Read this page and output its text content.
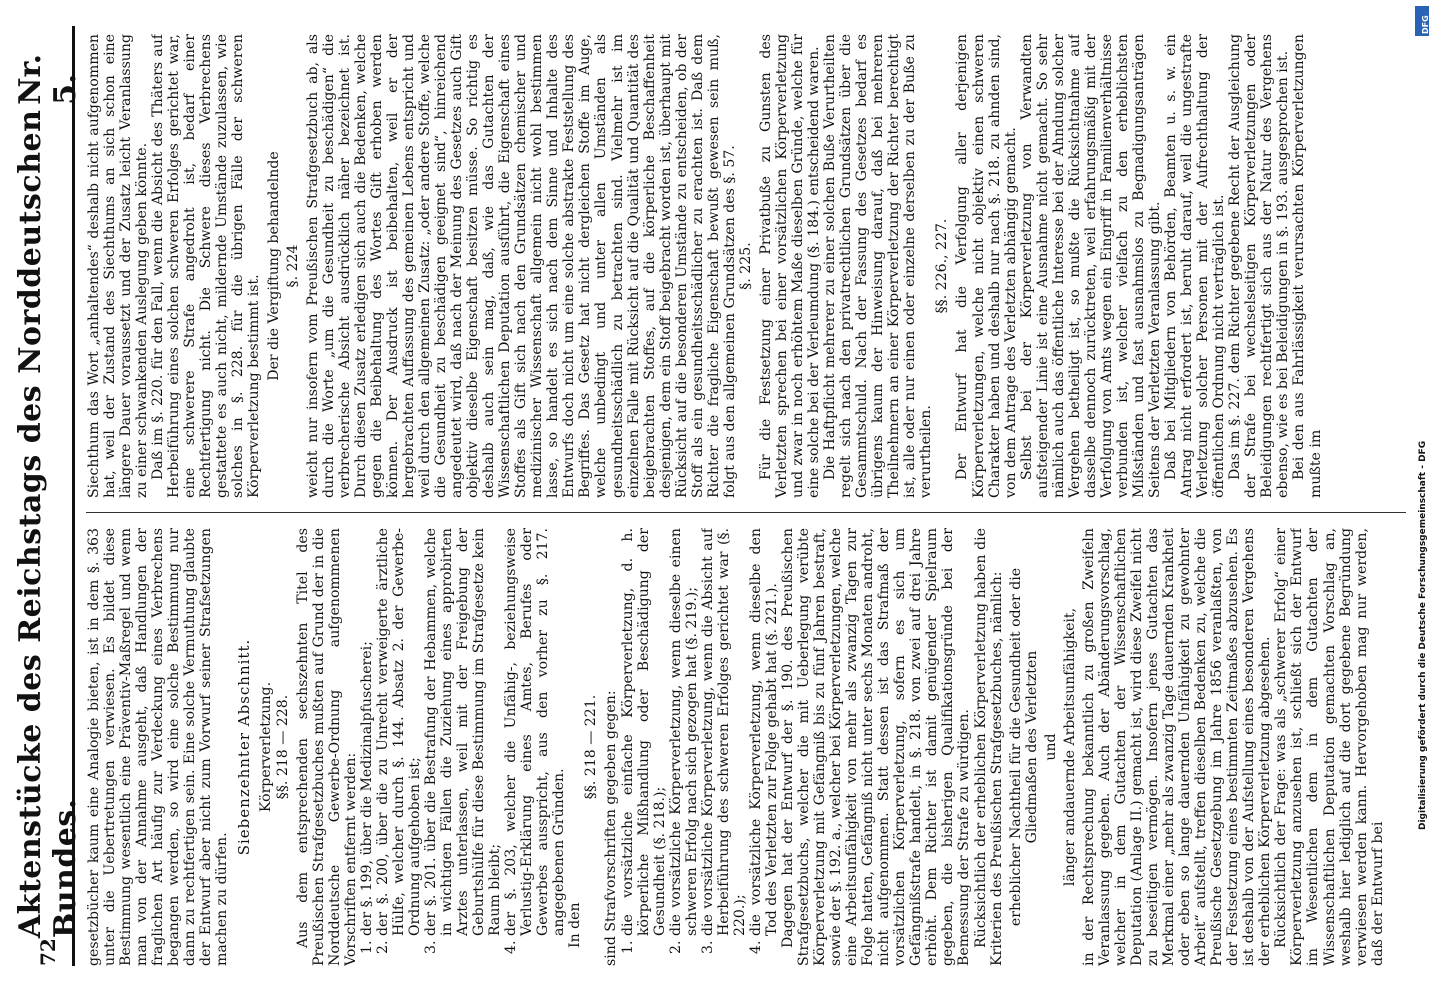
72
Aktenstücke des Reichstags des Norddeutschen Bundes.
Nr. 5.

gesetzbücher kaum eine Analogie bieten, ist in dem §. 363 unter die Uebertretungen verwiesen. Es bildet diese Bestimmung wesentlich eine Präventiv-Maßregel und wenn man von der Annahme ausgeht, daß Handlungen der fraglichen Art häufig zur Verdeckung eines Verbrechens begangen werden, so wird eine solche Bestimmung nur dann zu rechtfertigen sein. Eine solche Vermuthung glaubte der Entwurf aber nicht zum Vorwurf seiner Strafsetzungen machen zu dürfen.

Siebenzehnter Abschnitt. Körperverletzung. §§. 218 — 228. Aus dem entsprechenden sechszehnten Titel des Preußischen Strafgesetzbuches mußten auf Grund der in die Norddeutsche Gewerbe-Ordnung aufgenommenen Vorschriften entfernt werden: 1. der §. 199, über die Medizinalpfuscherei; 2. der §. 200, über die zu Unrecht verweigerte ärztliche Hülfe, welcher durch §. 144. Absatz 2. der Gewerbe-Ordnung aufgehoben ist; 3. der §. 201. über die Bestrafung der Hebammen, welche in wichtigen Fällen die Zuziehung eines approbirten Arztes unterlassen, weil mit der Freigebung der Geburtshülfe für diese Bestimmung im Strafgesetze kein Raum bleibt; 4. der §. 203, welcher die Unfähig-, beziehungsweise Verlustig-Erklärung eines Amtes, Berufes oder Gewerbes ausspricht, aus den vorher zu §. 217. angegebenen Gründen. In den

§§. 218 — 221. sind Strafvorschriften gegeben gegen: 1. die vorsätzliche einfache Körperverletzung, d. h. körperliche Mißhandlung oder Beschädigung der Gesundheit (§. 218.); 2. die vorsätzliche Körperverletzung, wenn dieselbe einen schweren Erfolg nach sich gezogen hat (§. 219.); 3. die vorsätzliche Körperverletzung, wenn die Absicht auf Herbeiführung des schweren Erfolges gerichtet war (§. 220.); 4. die vorsätzliche Körperverletzung, wenn dieselbe den Tod des Verletzten zur Folge gehabt hat (§. 221.). Dagegen hat der Entwurf der §. 190. des Preußischen Strafgesetzbuchs, welcher die mit Ueberlegung verübte Körperverletzung mit Gefängniß bis zu fünf Jahren bestraft, sowie der §. 192. a., welcher bei Körperverletzungen, welche eine Arbeitsunfähigkeit von mehr als zwanzig Tagen zur Folge hatten, Gefängniß nicht unter sechs Monaten androht, nicht aufgenommen. Statt dessen ist das Strafmaß der vorsätzlichen Körperverletzung, sofern es sich um Gefängnißstrafe handelt, in §. 218. von zwei auf drei Jahre erhöht. Dem Richter ist damit genügender Spielraum gegeben, die bisherigen Qualifikationsgründe bei der Bemessung der Strafe zu würdigen. Rücksichtlich der erheblichen Körperverletzung haben die Kriterien des Preußischen Strafgesetzbuches, nämlich: erheblicher Nachtheil für die Gesundheit oder die Gliedmaßen des Verletzten und länger andauernde Arbeitsunfähigkeit, in der Rechtsprechung bekanntlich zu großen Zweifeln Veranlassung gegeben. Auch der Abänderungsvorschlag, welcher in dem Gutachten der Wissenschaftlichen Deputation (Anlage II.) gemacht ist, wird diese Zweifel nicht zu beseitigen vermögen. Insofern jenes Gutachten das Merkmal einer „mehr als zwanzig Tage dauernden Krankheit oder eben so lange dauernden Unfähigkeit zu gewohnter Arbeit“ aufstellt, treffen dieselben Bedenken zu, welche die Preußische Gesetzgebung im Jahre 1856 veranlaßten, von der Festsetzung eines bestimmten Zeitmaßes abzusehen. Es ist deshalb von der Aufstellung eines besonderen Vergehens der erheblichen Körperverletzung abgesehen. Rücksichtlich der Frage: was als „schwerer Erfolg“ einer Körperverletzung anzusehen ist, schließt sich der Entwurf im Wesentlichen dem in dem Gutachten der Wissenschaftlichen Deputation gemachten Vorschlag an, weshalb hier lediglich auf die dort gegebene Begründung verwiesen werden kann. Hervorgehoben mag nur werden, daß der Entwurf bei

Siechthum das Wort „anhaltendes“ deshalb nicht aufgenommen hat, weil der Zustand des Siechthums an sich schon eine längere Dauer voraussetzt und der Zusatz leicht Veranlassung zu einer schwankenden Auslegung geben könnte. Daß im §. 220. für den Fall, wenn die Absicht des Thäters auf Herbeiführung eines solchen schweren Erfolges gerichtet war, eine schwerere Strafe angedroht ist, bedarf einer Rechtfertigung nicht. Die Schwere dieses Verbrechens gestattete es auch nicht, mildernde Umstände zuzulassen, wie solches in §. 228. für die übrigen Fälle der schweren Körperverletzung bestimmt ist.

Der die Vergiftung behandelnde §. 224 weicht nur insofern vom Preußischen Strafgesetzbuch ab, als durch die Worte „um die Gesundheit zu beschädigen“ die verbrecherische Absicht ausdrücklich näher bezeichnet ist. Durch diesen Zusatz erledigen sich auch die Bedenken, welche gegen die Beibehaltung des Wortes Gift erhoben werden können. Der Ausdruck ist beibehalten, weil er der hergebrachten Auffassung des gemeinen Lebens entspricht und weil durch den allgemeinen Zusatz: „oder andere Stoffe, welche die Gesundheit zu beschädigen geeignet sind“, hinreichend angedeutet wird, daß nach der Meinung des Gesetzes auch Gift objektiv dieselbe Eigenschaft besitzen müsse. So richtig es deshalb auch sein mag, daß, wie das Gutachten der Wissenschaftlichen Deputation ausführt, die Eigenschaft eines Stoffes als Gift sich nach den Grundsätzen chemischer und medizinischer Wissenschaft allgemein nicht wohl bestimmen lasse, so handelt es sich nach dem Sinne und Inhalte des Entwurfs doch nicht um eine solche abstrakte Feststellung des Begriffes. Das Gesetz hat nicht dergleichen Stoffe im Auge, welche unbedingt und unter allen Umständen als gesundheitsschädlich zu betrachten sind. Vielmehr ist im einzelnen Falle mit Rücksicht auf die Qualität und Quantität des beigebrachten Stoffes, auf die körperliche Beschaffenheit desjenigen, dem ein Stoff beigebracht worden ist, überhaupt mit Rücksicht auf die besonderen Umstände zu entscheiden, ob der Stoff als ein gesundheitsschädlicher zu erachten ist. Daß dem Richter die fragliche Eigenschaft bewußt gewesen sein muß, folgt aus den allgemeinen Grundsätzen des §. 57. §. 225. Für die Festsetzung einer Privatbuße zu Gunsten des Verletzten sprechen bei einer vorsätzlichen Körperverletzung und zwar in noch erhöhtem Maße dieselben Gründe, welche für eine solche bei der Verleumdung (§. 184.) entscheidend waren. Die Haftpflicht mehrerer zu einer solchen Buße Verurtheilten regelt sich nach den privatrechtlichen Grundsätzen über die Gesammtschuld. Nach der Fassung des Gesetzes bedarf es übrigens kaum der Hinweisung darauf, daß bei mehreren Theilnehmern an einer Körperverletzung der Richter berechtigt ist, alle oder nur einen oder einzelne derselben zu der Buße zu verurtheilen.

§§. 226., 227. Der Entwurf hat die Verfolgung aller derjenigen Körperverletzungen, welche nicht objektiv einen schweren Charakter haben und deshalb nur nach §. 218. zu ahnden sind, von dem Antrage des Verletzten abhängig gemacht. Selbst bei der Körperverletzung von Verwandten aufsteigender Linie ist eine Ausnahme nicht gemacht. So sehr nämlich auch das öffentliche Interesse bei der Ahndung solcher Vergehen betheiligt ist, so mußte die Rücksichtnahme auf dasselbe dennoch zurücktreten, weil erfahrungsmäßig mit der Verfolgung von Amts wegen ein Eingriff in Familienverhältnisse verbunden ist, welcher vielfach zu den erheblichsten Mißständen und fast ausnahmslos zu Begnadigungsanträgen Seitens der Verletzten Veranlassung gibt. Daß bei Mitgliedern von Behörden, Beamten u. s. w. ein Antrag nicht erfordert ist, beruht darauf, weil die ungestrafte Verletzung solcher Personen mit der Aufrechthaltung der öffentlichen Ordnung nicht verträglich ist. Das im §. 227. dem Richter gegebene Recht der Ausgleichung der Strafe bei wechselseitigen Körperverletzungen oder Beleidigungen rechtfertigt sich aus der Natur des Vergehens ebenso, wie es bei Beleidigungen in §. 193. ausgesprochen ist. Bei den aus Fahrlässigkeit verursachten Körperverletzungen mußte im

DFG
Digitalisierung gefördert durch die Deutsche Forschungsgemeinschaft - DFG
